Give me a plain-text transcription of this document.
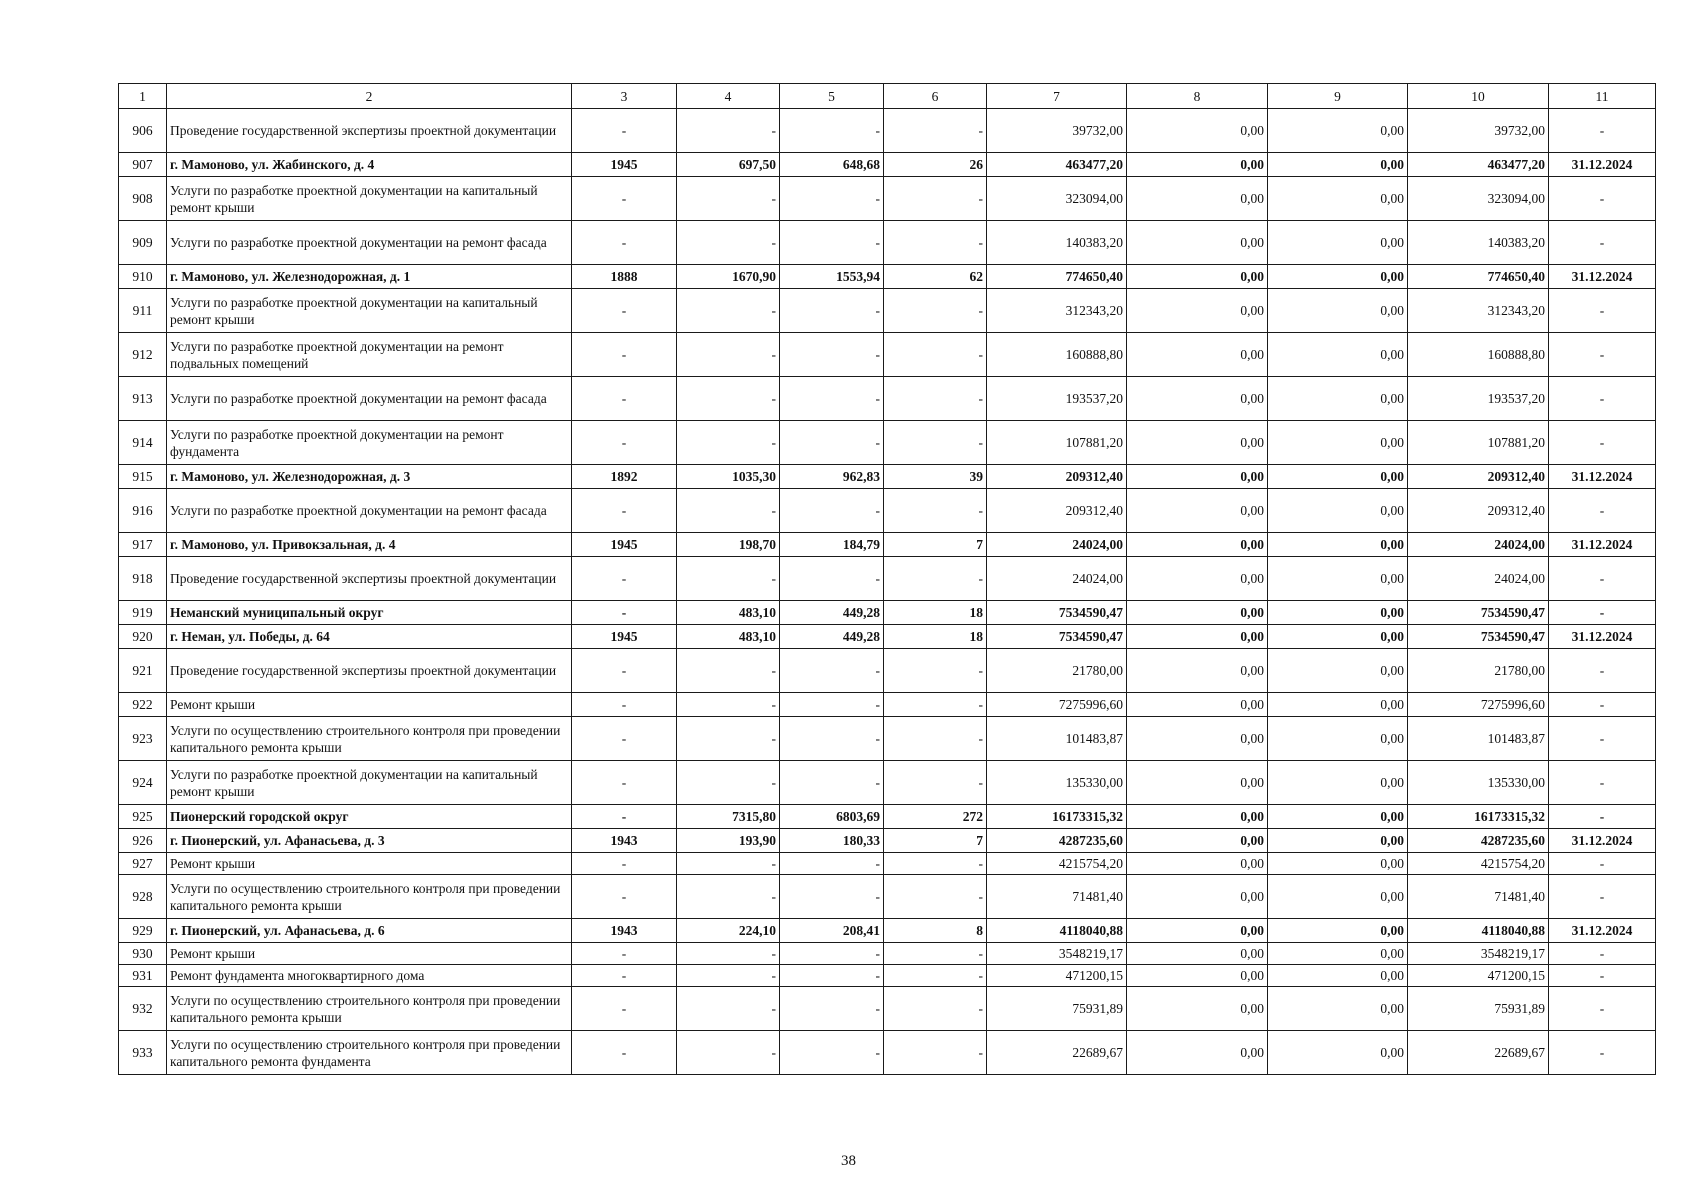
1	2	3	4	5	6	7	8	9	10	11
906	Проведение государственной экспертизы проектной документации	-	-	-	-	39732,00	0,00	0,00	39732,00	-
907	г. Мамоново, ул. Жабинского, д. 4	1945	697,50	648,68	26	463477,20	0,00	0,00	463477,20	31.12.2024
908	Услуги по разработке проектной документации на капитальный ремонт крыши	-	-	-	-	323094,00	0,00	0,00	323094,00	-
909	Услуги по разработке проектной документации на ремонт фасада	-	-	-	-	140383,20	0,00	0,00	140383,20	-
910	г. Мамоново, ул. Железнодорожная, д. 1	1888	1670,90	1553,94	62	774650,40	0,00	0,00	774650,40	31.12.2024
911	Услуги по разработке проектной документации на капитальный ремонт крыши	-	-	-	-	312343,20	0,00	0,00	312343,20	-
912	Услуги по разработке проектной документации на ремонт подвальных помещений	-	-	-	-	160888,80	0,00	0,00	160888,80	-
913	Услуги по разработке проектной документации на ремонт фасада	-	-	-	-	193537,20	0,00	0,00	193537,20	-
914	Услуги по разработке проектной документации на ремонт фундамента	-	-	-	-	107881,20	0,00	0,00	107881,20	-
915	г. Мамоново, ул. Железнодорожная, д. 3	1892	1035,30	962,83	39	209312,40	0,00	0,00	209312,40	31.12.2024
916	Услуги по разработке проектной документации на ремонт фасада	-	-	-	-	209312,40	0,00	0,00	209312,40	-
917	г. Мамоново, ул. Привокзальная, д. 4	1945	198,70	184,79	7	24024,00	0,00	0,00	24024,00	31.12.2024
918	Проведение государственной экспертизы проектной документации	-	-	-	-	24024,00	0,00	0,00	24024,00	-
919	Неманский муниципальный округ	-	483,10	449,28	18	7534590,47	0,00	0,00	7534590,47	-
920	г. Неман, ул. Победы, д. 64	1945	483,10	449,28	18	7534590,47	0,00	0,00	7534590,47	31.12.2024
921	Проведение государственной экспертизы проектной документации	-	-	-	-	21780,00	0,00	0,00	21780,00	-
922	Ремонт крыши	-	-	-	-	7275996,60	0,00	0,00	7275996,60	-
923	Услуги по осуществлению строительного контроля при проведении капитального ремонта крыши	-	-	-	-	101483,87	0,00	0,00	101483,87	-
924	Услуги по разработке проектной документации на капитальный ремонт крыши	-	-	-	-	135330,00	0,00	0,00	135330,00	-
925	Пионерский городской округ	-	7315,80	6803,69	272	16173315,32	0,00	0,00	16173315,32	-
926	г. Пионерский, ул. Афанасьева, д. 3	1943	193,90	180,33	7	4287235,60	0,00	0,00	4287235,60	31.12.2024
927	Ремонт крыши	-	-	-	-	4215754,20	0,00	0,00	4215754,20	-
928	Услуги по осуществлению строительного контроля при проведении капитального ремонта крыши	-	-	-	-	71481,40	0,00	0,00	71481,40	-
929	г. Пионерский, ул. Афанасьева, д. 6	1943	224,10	208,41	8	4118040,88	0,00	0,00	4118040,88	31.12.2024
930	Ремонт крыши	-	-	-	-	3548219,17	0,00	0,00	3548219,17	-
931	Ремонт фундамента многоквартирного дома	-	-	-	-	471200,15	0,00	0,00	471200,15	-
932	Услуги по осуществлению строительного контроля при проведении капитального ремонта крыши	-	-	-	-	75931,89	0,00	0,00	75931,89	-
933	Услуги по осуществлению строительного контроля при проведении капитального ремонта фундамента	-	-	-	-	22689,67	0,00	0,00	22689,67	-
38
